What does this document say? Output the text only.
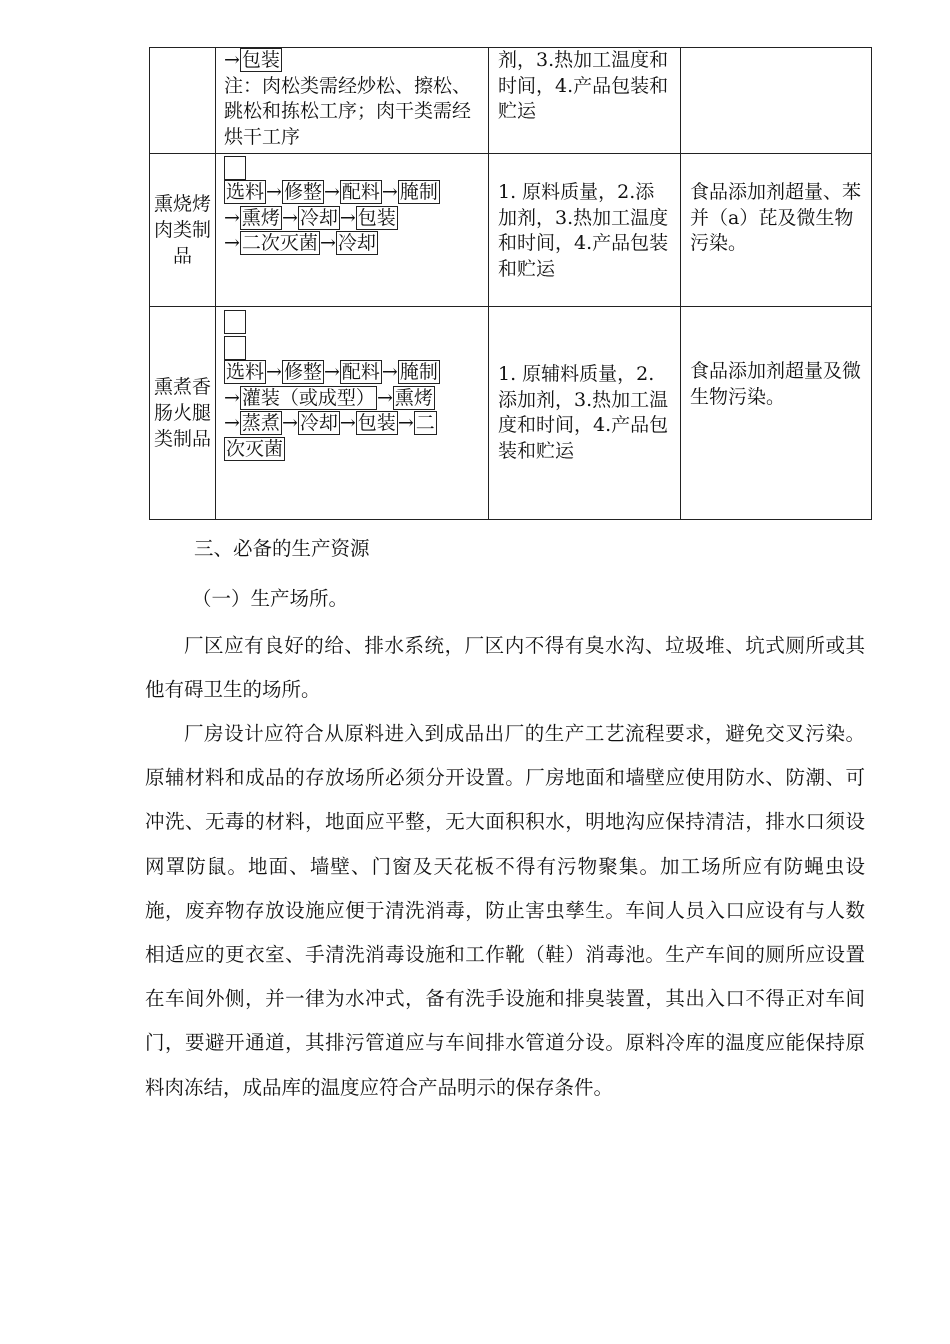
	→ 包装
注：肉松类需经炒松、擦松、跳松和拣松工序；肉干类需经烘干工序	剂，3.热加工温度和时间，4.产品包装和贮运	
熏烧烤肉类制品	选料 → 修整 → 配料 → 腌制
→ 熏烤 → 冷却 → 包装
→ 二次灭菌 → 冷却	1. 原料质量，2.添加剂，3.热加工温度和时间，4.产品包装和贮运	食品添加剂超量、苯并（a）芘及微生物污染。
熏煮香肠火腿类制品	选料 → 修整 → 配料 → 腌制
→ 灌装（或成型） → 熏烤
→ 蒸煮 → 冷却 → 包装 → 二
次灭菌	1. 原辅料质量，2.添加剂，3.热加工温度和时间，4.产品包装和贮运	食品添加剂超量及微生物污染。

三、必备的生产资源

（一）生产场所。

厂区应有良好的给、排水系统，厂区内不得有臭水沟、垃圾堆、坑式厕所或其他有碍卫生的场所。

厂房设计应符合从原料进入到成品出厂的生产工艺流程要求，避免交叉污染。原辅材料和成品的存放场所必须分开设置。厂房地面和墙壁应使用防水、防潮、可冲洗、无毒的材料，地面应平整，无大面积积水，明地沟应保持清洁，排水口须设网罩防鼠。地面、墙壁、门窗及天花板不得有污物聚集。加工场所应有防蝇虫设施，废弃物存放设施应便于清洗消毒，防止害虫孳生。车间人员入口应设有与人数相适应的更衣室、手清洗消毒设施和工作靴（鞋）消毒池。生产车间的厕所应设置在车间外侧，并一律为水冲式，备有洗手设施和排臭装置，其出入口不得正对车间门，要避开通道，其排污管道应与车间排水管道分设。原料冷库的温度应能保持原料肉冻结，成品库的温度应符合产品明示的保存条件。
